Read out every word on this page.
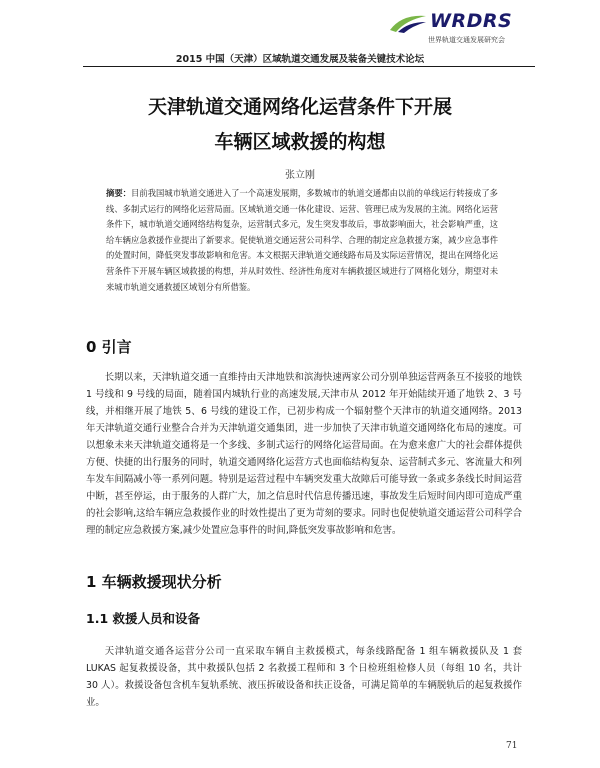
WRDRS
世界轨道交通发展研究会
2015 中国（天津）区域轨道交通发展及装备关键技术论坛
天津轨道交通网络化运营条件下开展
车辆区域救援的构想
张立刚

摘要：目前我国城市轨道交通进入了一个高速发展期，多数城市的轨道交通都由以前的单线运行转接成了多线、多制式运行的网络化运营局面。区域轨道交通一体化建设、运营、管理已成为发展的主流。网络化运营条件下，城市轨道交通网络结构复杂，运营制式多元，发生突发事故后，事故影响面大，社会影响严重，这给车辆应急救援作业提出了新要求。促使轨道交通运营公司科学、合理的制定应急救援方案，减少应急事件的处置时间，降低突发事故影响和危害。本文根据天津轨道交通线路布局及实际运营情况，提出在网络化运营条件下开展车辆区域救援的构想，并从时效性、经济性角度对车辆救援区域进行了网格化划分，期望对未来城市轨道交通救援区域划分有所借鉴。

0 引言

长期以来，天津轨道交通一直维持由天津地铁和滨海快速两家公司分别单独运营两条互不接驳的地铁 1 号线和 9 号线的局面，随着国内城轨行业的高速发展,天津市从 2012 年开始陆续开通了地铁 2、3 号线，并相继开展了地铁 5、6 号线的建设工作，已初步构成一个辐射整个天津市的轨道交通网络。2013 年天津轨道交通行业整合合并为天津轨道交通集团，进一步加快了天津市轨道交通网络化布局的速度。可以想象未来天津轨道交通将是一个多线、多制式运行的网络化运营局面。在为愈来愈广大的社会群体提供方便、快捷的出行服务的同时，轨道交通网络化运营方式也面临结构复杂、运营制式多元、客流量大和列车发车间隔减小等一系列问题。特别是运营过程中车辆突发重大故障后可能导致一条或多条线长时间运营中断，甚至停运，由于服务的人群广大，加之信息时代信息传播迅速，事故发生后短时间内即可造成严重的社会影响,这给车辆应急救援作业的时效性提出了更为苛刻的要求。同时也促使轨道交通运营公司科学合理的制定应急救援方案,减少处置应急事件的时间,降低突发事故影响和危害。

1 车辆救援现状分析
1.1 救援人员和设备

天津轨道交通各运营分公司一直采取车辆自主救援模式，每条线路配备 1 组车辆救援队及 1 套 LUKAS 起复救援设备，其中救援队包括 2 名救援工程师和 3 个日检班组检修人员（每组 10 名，共计 30 人）。救援设备包含机车复轨系统、液压拆破设备和扶正设备，可满足简单的车辆脱轨后的起复救援作业。

71
